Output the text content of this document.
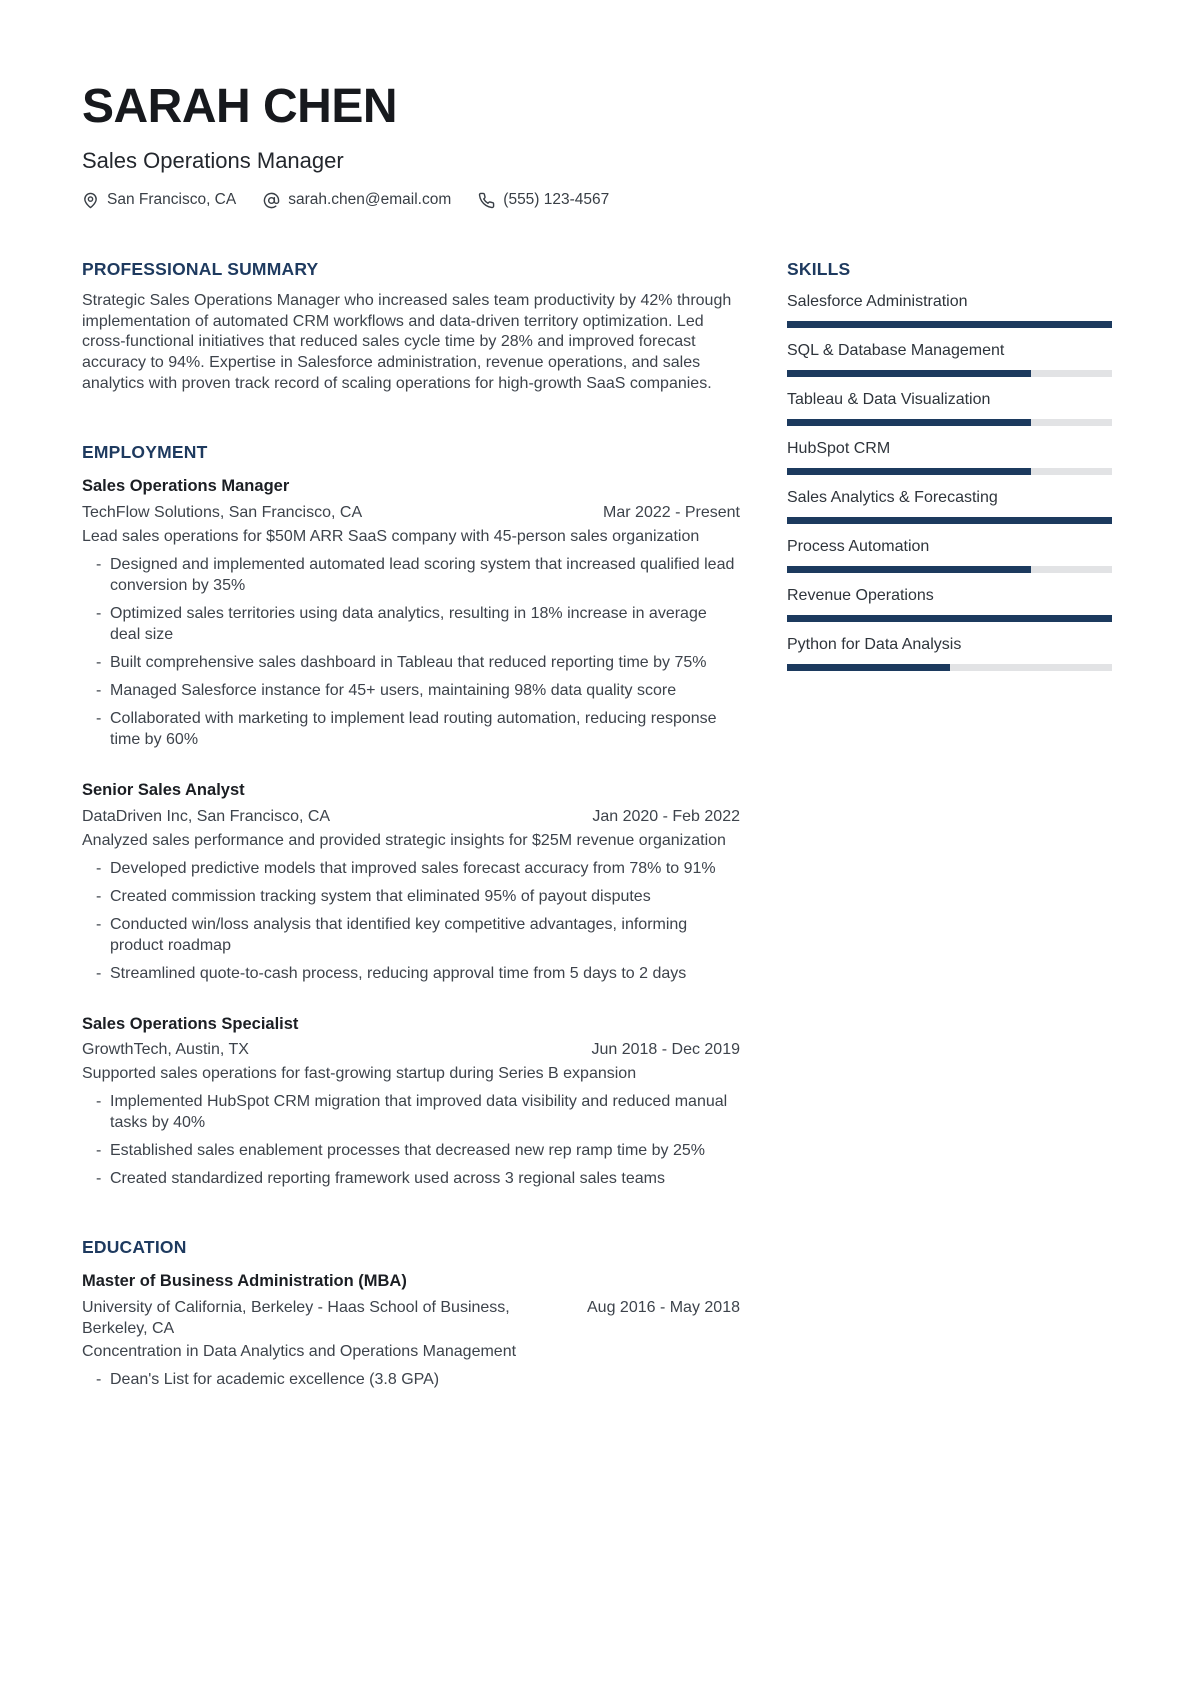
SARAH CHEN
Sales Operations Manager
San Francisco, CA	sarah.chen@email.com	(555) 123-4567
PROFESSIONAL SUMMARY

Strategic Sales Operations Manager who increased sales team productivity by 42% through implementation of automated CRM workflows and data-driven territory optimization. Led cross-functional initiatives that reduced sales cycle time by 28% and improved forecast accuracy to 94%. Expertise in Salesforce administration, revenue operations, and sales analytics with proven track record of scaling operations for high-growth SaaS companies.

EMPLOYMENT
Sales Operations Manager
TechFlow Solutions, San Francisco, CA	Mar 2022 - Present

Lead sales operations for $50M ARR SaaS company with 45-person sales organization

- Designed and implemented automated lead scoring system that increased qualified lead conversion by 35%
- Optimized sales territories using data analytics, resulting in 18% increase in average deal size
- Built comprehensive sales dashboard in Tableau that reduced reporting time by 75%
- Managed Salesforce instance for 45+ users, maintaining 98% data quality score
- Collaborated with marketing to implement lead routing automation, reducing response time by 60%
Senior Sales Analyst
DataDriven Inc, San Francisco, CA	Jan 2020 - Feb 2022

Analyzed sales performance and provided strategic insights for $25M revenue organization

- Developed predictive models that improved sales forecast accuracy from 78% to 91%
- Created commission tracking system that eliminated 95% of payout disputes
- Conducted win/loss analysis that identified key competitive advantages, informing product roadmap
- Streamlined quote-to-cash process, reducing approval time from 5 days to 2 days
Sales Operations Specialist
GrowthTech, Austin, TX	Jun 2018 - Dec 2019

Supported sales operations for fast-growing startup during Series B expansion

- Implemented HubSpot CRM migration that improved data visibility and reduced manual tasks by 40%
- Established sales enablement processes that decreased new rep ramp time by 25%
- Created standardized reporting framework used across 3 regional sales teams
EDUCATION
Master of Business Administration (MBA)
University of California, Berkeley - Haas School of Business, Berkeley, CA
Aug 2016 - May 2018

Concentration in Data Analytics and Operations Management

- Dean's List for academic excellence (3.8 GPA)
SKILLS
Salesforce Administration
SQL & Database Management
Tableau & Data Visualization
HubSpot CRM
Sales Analytics & Forecasting
Process Automation
Revenue Operations
Python for Data Analysis
